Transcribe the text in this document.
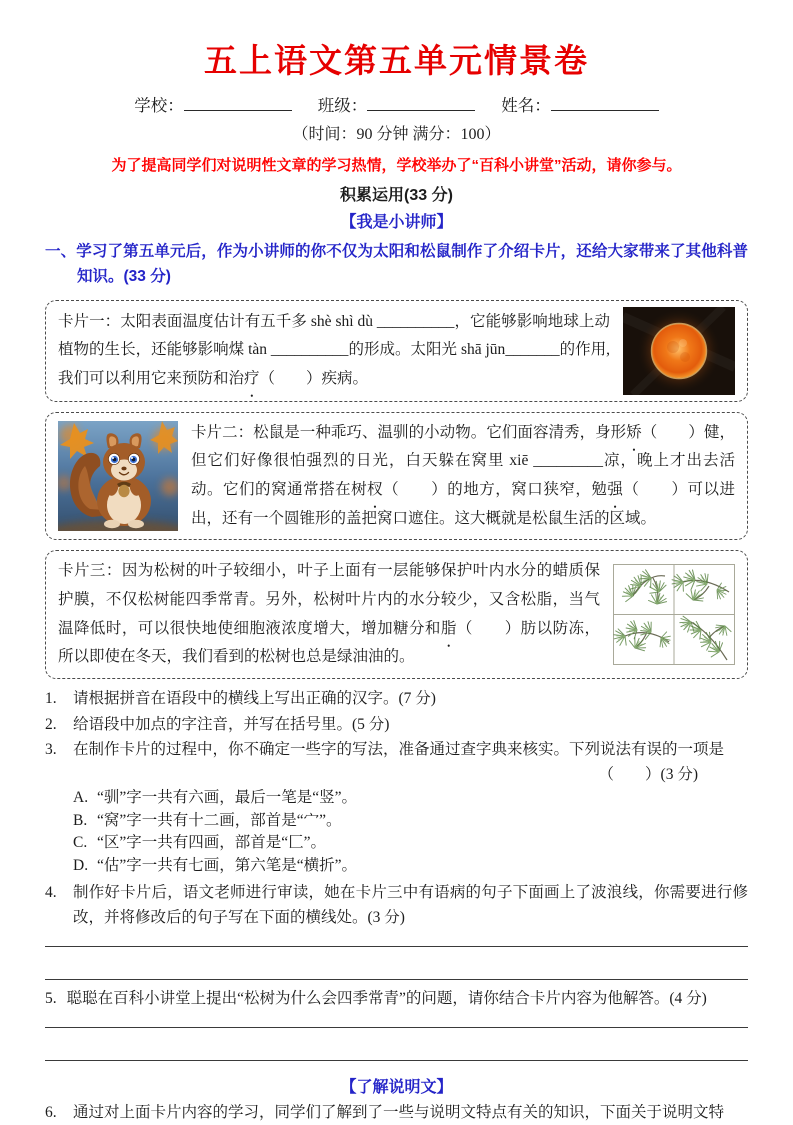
五上语文第五单元情景卷
学校：	班级：	姓名：
（时间：90 分钟 满分：100）
为了提高同学们对说明性文章的学习热情，学校举办了“百科小讲堂”活动，请你参与。
积累运用(33 分)
【我是小讲师】
一、学习了第五单元后，作为小讲师的你不仅为太阳和松鼠制作了介绍卡片，还给大家带来了其他科普知识。(33 分)
卡片一：太阳表面温度估计有五千多 shè shì dù __________，它能够影响地球上动植物的生长，还能够影响煤 tàn __________的形成。太阳光 shā jūn_______的作用,我们可以利用它来预防和治疗（　　）疾病。
卡片二：松鼠是一种乖巧、温驯的小动物。它们面容清秀，身形矫（　　）健，但它们好像很怕强烈的日光，白天躲在窝里 xiē _________凉，晚上才出去活动。它们的窝通常搭在树杈（　　）的地方，窝口狭窄，勉强（　　）可以进出，还有一个圆锥形的盖把窝口遮住。这大概就是松鼠生活的区域。
卡片三：因为松树的叶子较细小，叶子上面有一层能够保护叶内水分的蜡质保护膜，不仅松树能四季常青。另外，松树叶片内的水分较少，又含松脂，当气温降低时，可以很快地使细胞液浓度增大，增加糖分和脂（　　）肪以防冻，所以即使在冬天，我们看到的松树也总是绿油油的。
1.	请根据拼音在语段中的横线上写出正确的汉字。(7 分)
2.	给语段中加点的字注音，并写在括号里。(5 分)
3.	在制作卡片的过程中，你不确定一些字的写法，准备通过查字典来核实。下列说法有误的一项是
（　　）(3 分)
A. “驯”字一共有六画，最后一笔是“竖”。
B. “窝”字一共有十二画，部首是“宀”。
C. “区”字一共有四画，部首是“匚”。
D. “估”字一共有七画，第六笔是“横折”。
4.	制作好卡片后，语文老师进行审读，她在卡片三中有语病的句子下面画上了波浪线，你需要进行修改，并将修改后的句子写在下面的横线处。(3 分)
5. 聪聪在百科小讲堂上提出“松树为什么会四季常青”的问题，请你结合卡片内容为他解答。(4 分)
【了解说明文】
6.	通过对上面卡片内容的学习，同学们了解到了一些与说明文特点有关的知识，下面关于说明文特
